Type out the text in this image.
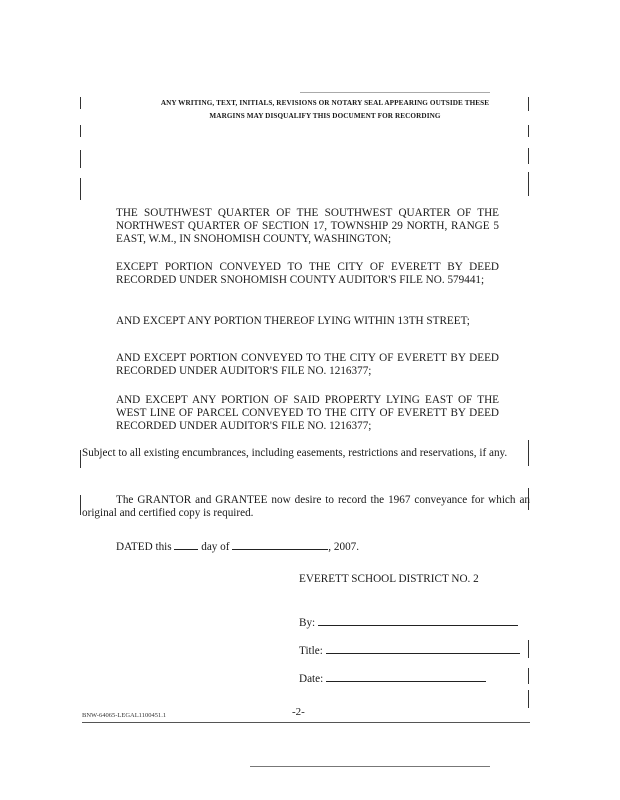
ANY WRITING, TEXT, INITIALS, REVISIONS OR NOTARY SEAL APPEARING OUTSIDE THESE
MARGINS MAY DISQUALIFY THIS DOCUMENT FOR RECORDING

THE SOUTHWEST QUARTER OF THE SOUTHWEST QUARTER OF THE NORTHWEST QUARTER OF SECTION 17, TOWNSHIP 29 NORTH, RANGE 5 EAST, W.M., IN SNOHOMISH COUNTY, WASHINGTON;

EXCEPT PORTION CONVEYED TO THE CITY OF EVERETT BY DEED RECORDED UNDER SNOHOMISH COUNTY AUDITOR'S FILE NO. 579441;

AND EXCEPT ANY PORTION THEREOF LYING WITHIN 13TH STREET;

AND EXCEPT PORTION CONVEYED TO THE CITY OF EVERETT BY DEED RECORDED UNDER AUDITOR'S FILE NO. 1216377;

AND EXCEPT ANY PORTION OF SAID PROPERTY LYING EAST OF THE WEST LINE OF PARCEL CONVEYED TO THE CITY OF EVERETT BY DEED RECORDED UNDER AUDITOR'S FILE NO. 1216377;

Subject to all existing encumbrances, including easements, restrictions and reservations, if any.
The GRANTOR and GRANTEE now desire to record the 1967 conveyance for which an original and certified copy is required.
DATED this	day of	, 2007.
EVERETT SCHOOL DISTRICT NO. 2
By:
Title:
Date:
BNW-64065-LEGAL1100451.1	-2-
